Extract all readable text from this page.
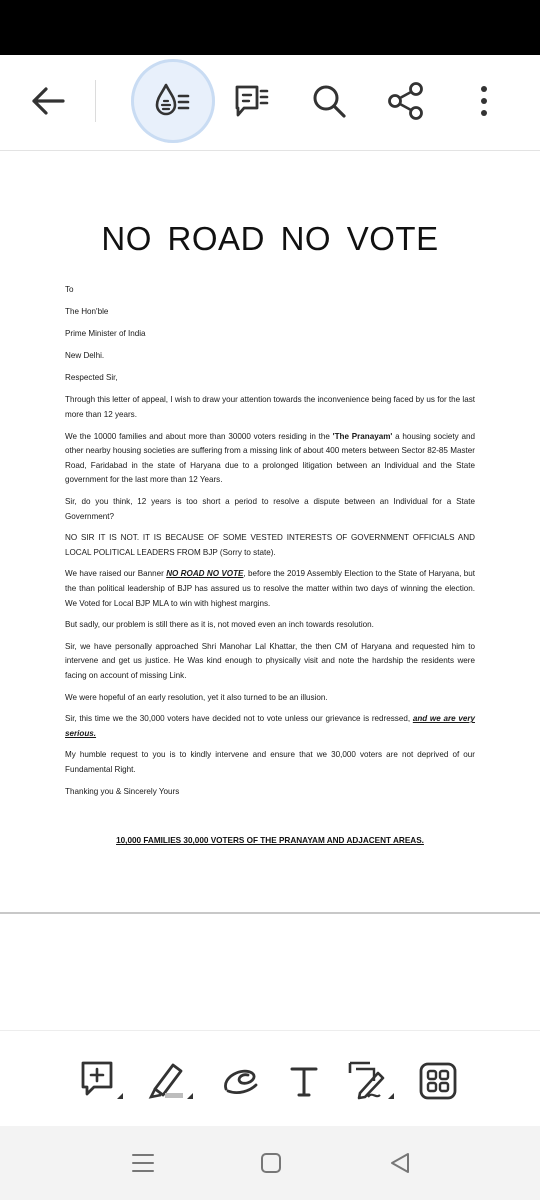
NO ROAD NO VOTE

To

The Hon'ble

Prime Minister of India

New Delhi.

Respected Sir,

Through this letter of appeal, I wish to draw your attention towards the inconvenience being faced by us for the last more than 12 years.

We the 10000 families and about more than 30000 voters residing in the 'The Pranayam' a housing society and other nearby housing societies are suffering from a missing link of about 400 meters between Sector 82-85 Master Road, Faridabad in the state of Haryana due to a prolonged litigation between an Individual and the State government for the last more than 12 Years.

Sir, do you think, 12 years is too short a period to resolve a dispute between an Individual for a State Government?

NO SIR IT IS NOT. IT IS BECAUSE OF SOME VESTED INTERESTS OF GOVERNMENT OFFICIALS AND LOCAL POLITICAL LEADERS FROM BJP (Sorry to state).

We have raised our Banner NO ROAD NO VOTE, before the 2019 Assembly Election to the State of Haryana, but the than political leadership of BJP has assured us to resolve the matter within two days of winning the election. We Voted for Local BJP MLA to win with highest margins.

But sadly, our problem is still there as it is, not moved even an inch towards resolution.

Sir, we have personally approached Shri Manohar Lal Khattar, the then CM of Haryana and requested him to intervene and get us justice. He Was kind enough to physically visit and note the hardship the residents were facing on account of missing Link.

We were hopeful of an early resolution, yet it also turned to be an illusion.

Sir, this time we the 30,000 voters have decided not to vote unless our grievance is redressed, and we are very serious.

My humble request to you is to kindly intervene and ensure that we 30,000 voters are not deprived of our Fundamental Right.

Thanking you & Sincerely Yours

10,000 FAMILIES 30,000 VOTERS OF THE PRANAYAM AND ADJACENT AREAS.
